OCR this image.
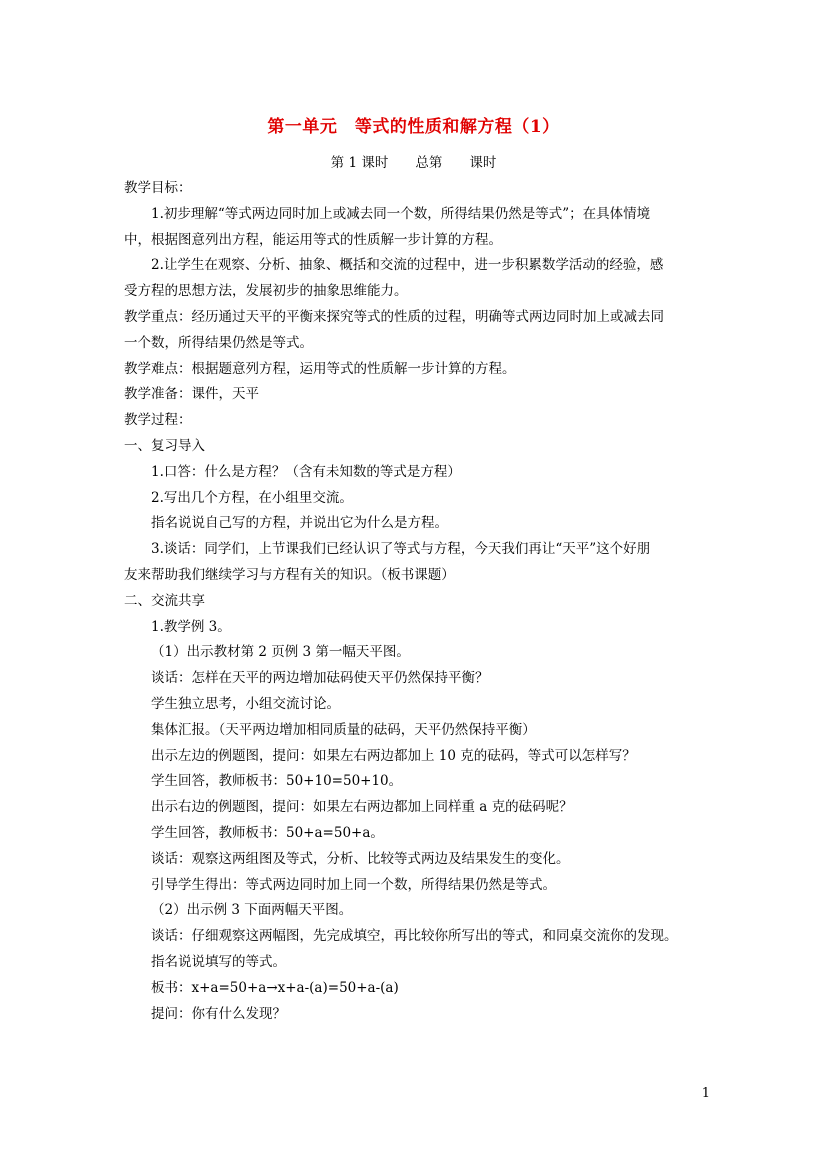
第一单元　等式的性质和解方程（1）
第 1 课时　　总第　　课时
教学目标：
1.初步理解“等式两边同时加上或减去同一个数，所得结果仍然是等式”；在具体情境
中，根据图意列出方程，能运用等式的性质解一步计算的方程。
2.让学生在观察、分析、抽象、概括和交流的过程中，进一步积累数学活动的经验，感
受方程的思想方法，发展初步的抽象思维能力。
教学重点：经历通过天平的平衡来探究等式的性质的过程，明确等式两边同时加上或减去同
一个数，所得结果仍然是等式。
教学难点：根据题意列方程，运用等式的性质解一步计算的方程。
教学准备：课件，天平
教学过程：
一、复习导入
1.口答：什么是方程？（含有未知数的等式是方程）
2.写出几个方程，在小组里交流。
指名说说自己写的方程，并说出它为什么是方程。
3.谈话：同学们，上节课我们已经认识了等式与方程，今天我们再让“天平”这个好朋
友来帮助我们继续学习与方程有关的知识。（板书课题）
二、交流共享
1.教学例 3。
（1）出示教材第 2 页例 3 第一幅天平图。
谈话：怎样在天平的两边增加砝码使天平仍然保持平衡？
学生独立思考，小组交流讨论。
集体汇报。（天平两边增加相同质量的砝码，天平仍然保持平衡）
出示左边的例题图，提问：如果左右两边都加上 10 克的砝码，等式可以怎样写？
学生回答，教师板书：50+10=50+10。
出示右边的例题图，提问：如果左右两边都加上同样重 a 克的砝码呢？
学生回答，教师板书：50+a=50+a。
谈话：观察这两组图及等式，分析、比较等式两边及结果发生的变化。
引导学生得出：等式两边同时加上同一个数，所得结果仍然是等式。
（2）出示例 3 下面两幅天平图。
谈话：仔细观察这两幅图，先完成填空，再比较你所写出的等式，和同桌交流你的发现。
指名说说填写的等式。
板书：x+a=50+a→x+a-(a)=50+a-(a)
提问：你有什么发现？
1
